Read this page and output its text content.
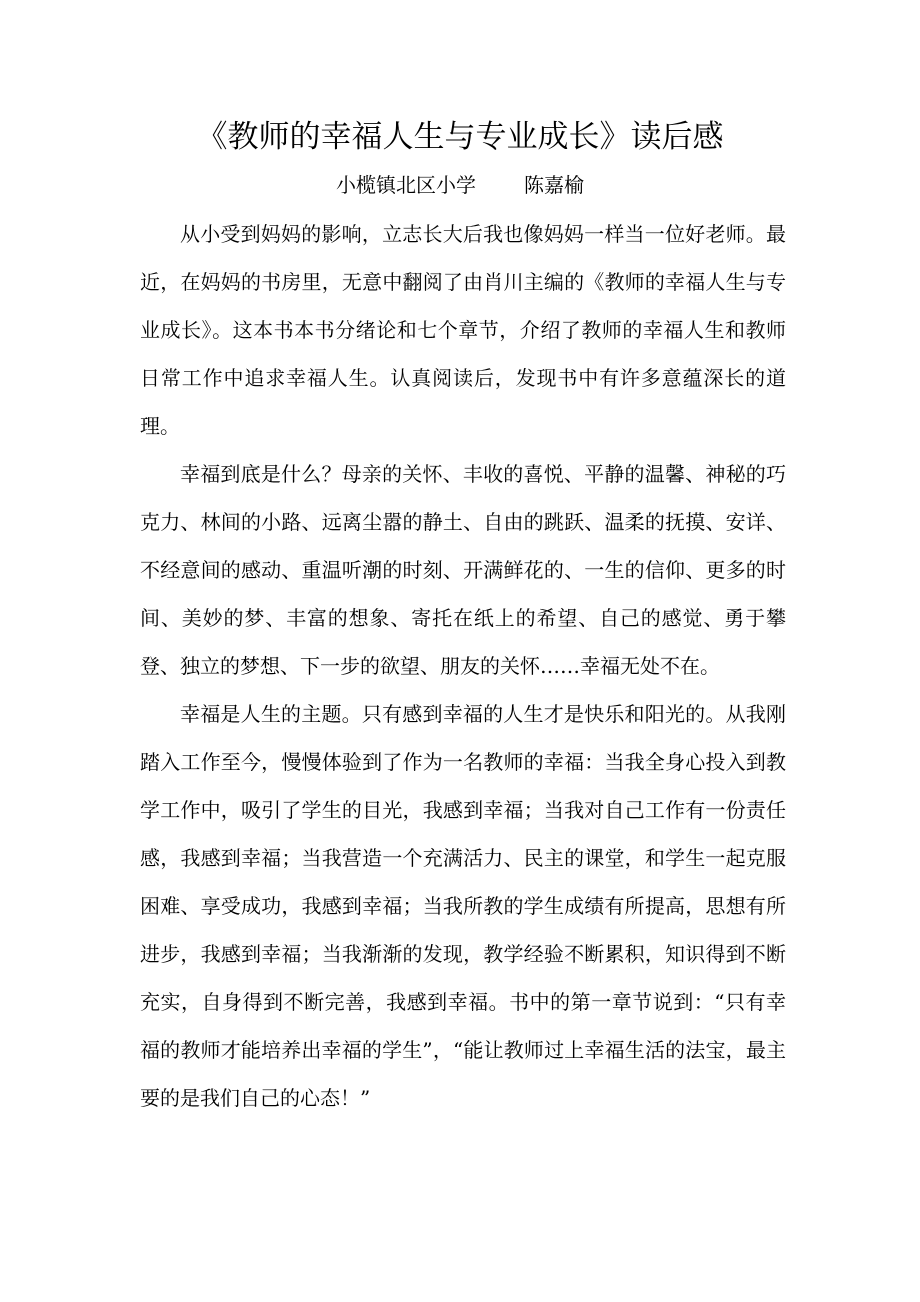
《教师的幸福人生与专业成长》读后感

小榄镇北区小学 陈嘉榆

从小受到妈妈的影响，立志长大后我也像妈妈一样当一位好老师。最近，在妈妈的书房里，无意中翻阅了由肖川主编的《教师的幸福人生与专业成长》。这本书本书分绪论和七个章节，介绍了教师的幸福人生和教师日常工作中追求幸福人生。认真阅读后，发现书中有许多意蕴深长的道理。

幸福到底是什么？母亲的关怀、丰收的喜悦、平静的温馨、神秘的巧克力、林间的小路、远离尘嚣的静土、自由的跳跃、温柔的抚摸、安详、不经意间的感动、重温听潮的时刻、开满鲜花的、一生的信仰、更多的时间、美妙的梦、丰富的想象、寄托在纸上的希望、自己的感觉、勇于攀登、独立的梦想、下一步的欲望、朋友的关怀……幸福无处不在。

幸福是人生的主题。只有感到幸福的人生才是快乐和阳光的。从我刚踏入工作至今，慢慢体验到了作为一名教师的幸福：当我全身心投入到教学工作中，吸引了学生的目光，我感到幸福；当我对自己工作有一份责任感，我感到幸福；当我营造一个充满活力、民主的课堂，和学生一起克服困难、享受成功，我感到幸福；当我所教的学生成绩有所提高，思想有所进步，我感到幸福；当我渐渐的发现，教学经验不断累积，知识得到不断充实，自身得到不断完善，我感到幸福。书中的第一章节说到：“只有幸福的教师才能培养出幸福的学生”，“能让教师过上幸福生活的法宝，最主要的是我们自己的心态！”
